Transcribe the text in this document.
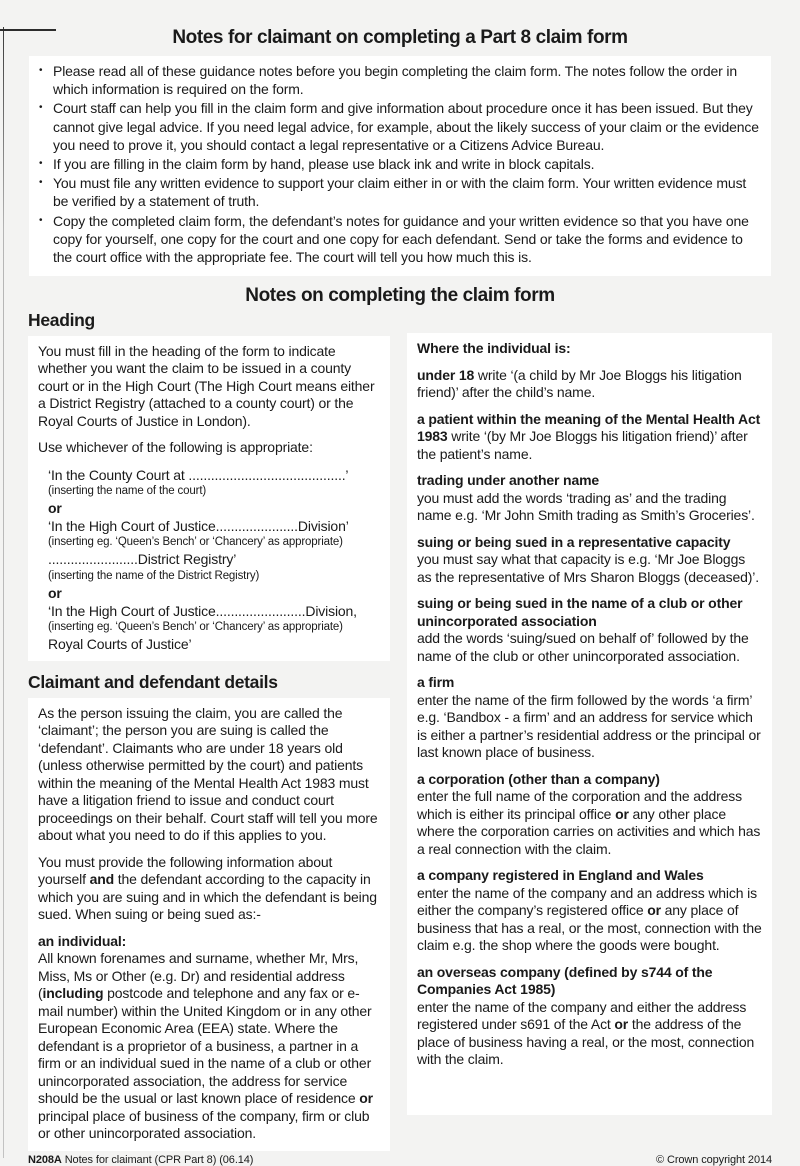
Notes for claimant on completing a Part 8 claim form
• Please read all of these guidance notes before you begin completing the claim form. The notes follow the order in which information is required on the form.
• Court staff can help you fill in the claim form and give information about procedure once it has been issued. But they cannot give legal advice. If you need legal advice, for example, about the likely success of your claim or the evidence you need to prove it, you should contact a legal representative or a Citizens Advice Bureau.
• If you are filling in the claim form by hand, please use black ink and write in block capitals.
• You must file any written evidence to support your claim either in or with the claim form. Your written evidence must be verified by a statement of truth.
• Copy the completed claim form, the defendant’s notes for guidance and your written evidence so that you have one copy for yourself, one copy for the court and one copy for each defendant. Send or take the forms and evidence to the court office with the appropriate fee. The court will tell you how much this is.
Notes on completing the claim form
Heading

You must fill in the heading of the form to indicate whether you want the claim to be issued in a county court or in the High Court (The High Court means either a District Registry (attached to a county court) or the Royal Courts of Justice in London).

Use whichever of the following is appropriate:

‘In the County Court at ..........................................’
(inserting the name of the court)
or
‘In the High Court of Justice......................Division’
(inserting eg. ‘Queen’s Bench’ or ‘Chancery’ as appropriate)
........................District Registry’
(inserting the name of the District Registry)
or
‘In the High Court of Justice........................Division,
(inserting eg. ‘Queen’s Bench’ or ‘Chancery’ as appropriate)
Royal Courts of Justice’
Claimant and defendant details

As the person issuing the claim, you are called the ‘claimant’; the person you are suing is called the ‘defendant’. Claimants who are under 18 years old (unless otherwise permitted by the court) and patients within the meaning of the Mental Health Act 1983 must have a litigation friend to issue and conduct court proceedings on their behalf. Court staff will tell you more about what you need to do if this applies to you.

You must provide the following information about yourself and the defendant according to the capacity in which you are suing and in which the defendant is being sued. When suing or being sued as:-

an individual:
All known forenames and surname, whether Mr, Mrs, Miss, Ms or Other (e.g. Dr) and residential address (including postcode and telephone and any fax or e-mail number) within the United Kingdom or in any other European Economic Area (EEA) state. Where the defendant is a proprietor of a business, a partner in a firm or an individual sued in the name of a club or other unincorporated association, the address for service should be the usual or last known place of residence or principal place of business of the company, firm or club or other unincorporated association.

Where the individual is:

under 18 write ‘(a child by Mr Joe Bloggs his litigation friend)’ after the child’s name.

a patient within the meaning of the Mental Health Act 1983 write ‘(by Mr Joe Bloggs his litigation friend)’ after the patient’s name.

trading under another name
you must add the words ‘trading as’ and the trading name e.g. ‘Mr John Smith trading as Smith’s Groceries’.

suing or being sued in a representative capacity
you must say what that capacity is e.g. ‘Mr Joe Bloggs as the representative of Mrs Sharon Bloggs (deceased)’.

suing or being sued in the name of a club or other unincorporated association
add the words ‘suing/sued on behalf of’ followed by the name of the club or other unincorporated association.

a firm
enter the name of the firm followed by the words ‘a firm’ e.g. ‘Bandbox - a firm’ and an address for service which is either a partner’s residential address or the principal or last known place of business.

a corporation (other than a company)
enter the full name of the corporation and the address which is either its principal office or any other place where the corporation carries on activities and which has a real connection with the claim.

a company registered in England and Wales
enter the name of the company and an address which is either the company’s registered office or any place of business that has a real, or the most, connection with the claim e.g. the shop where the goods were bought.

an overseas company (defined by s744 of the Companies Act 1985)
enter the name of the company and either the address registered under s691 of the Act or the address of the place of business having a real, or the most, connection with the claim.

N208A Notes for claimant (CPR Part 8) (06.14)	© Crown copyright 2014
